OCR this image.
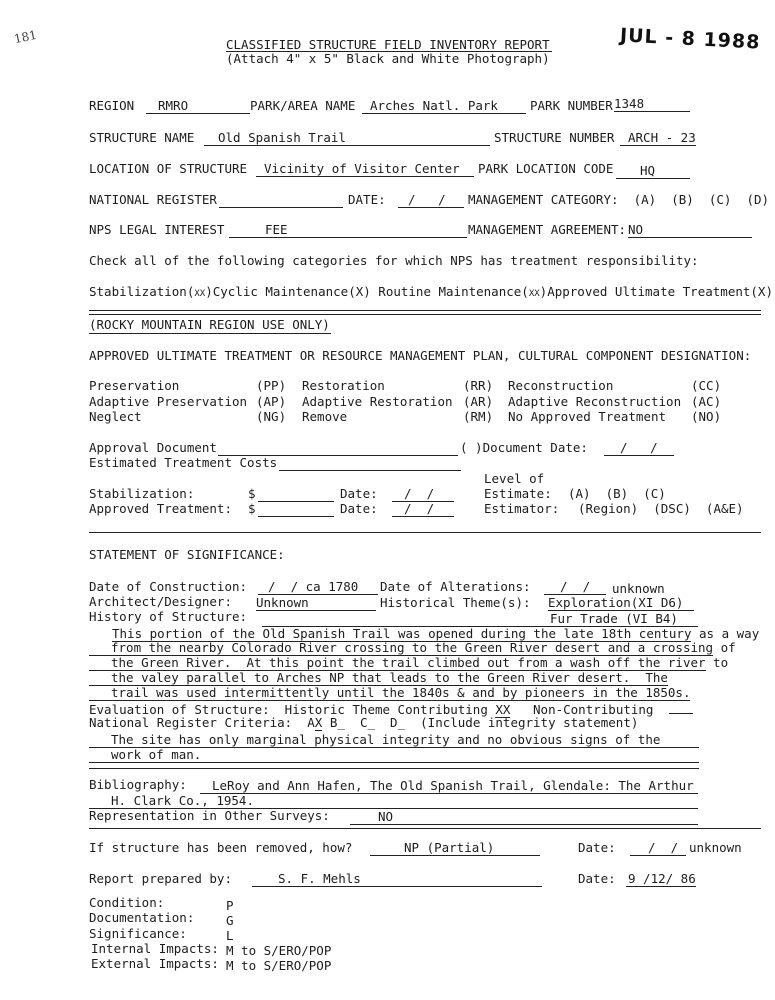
181	JUL - 8 1988
CLASSIFIED STRUCTURE FIELD INVENTORY REPORT
(Attach 4" x 5" Black and White Photograph)
REGION	RMRO	PARK/AREA NAME	Arches Natl. Park	PARK NUMBER 1348
STRUCTURE NAME	Old Spanish Trail	STRUCTURE NUMBER	ARCH - 23
LOCATION OF STRUCTURE	Vicinity of Visitor Center	PARK LOCATION CODE	HQ
NATIONAL REGISTER	DATE:	/   /	MANAGEMENT CATEGORY:  (A)  (B)  (C)  (D)
NPS LEGAL INTEREST	FEE	MANAGEMENT AGREEMENT: NO
Check all of the following categories for which NPS has treatment responsibility:
Stabilization(XX)Cyclic Maintenance(X) Routine Maintenance(XX)Approved Ultimate Treatment(X)
(ROCKY MOUNTAIN REGION USE ONLY)
APPROVED ULTIMATE TREATMENT OR RESOURCE MANAGEMENT PLAN, CULTURAL COMPONENT DESIGNATION:
Preservation	(PP) Restoration	(RR) Reconstruction	(CC)
Adaptive Preservation (AP) Adaptive Restoration (AR) Adaptive Reconstruction (AC)
Neglect	(NG) Remove	(RM) No Approved Treatment (NO)
Approval Document	( )Document Date:	/   /
Estimated Treatment Costs
Level of
Stabilization:	$	Date:	/  /	Estimate: (A)  (B)  (C)
Approved Treatment: $	Date:	/  /	Estimator: (Region)  (DSC)  (A&E)
STATEMENT OF SIGNIFICANCE:
Date of Construction:	/  / ca 1780	Date of Alterations:	/  /	unknown
Architect/Designer: Unknown	Historical Theme(s): Exploration(XI D6)
History of Structure:	Fur Trade (VI B4)
This portion of the Old Spanish Trail was opened during the late 18th century as a way
from the nearby Colorado River crossing to the Green River desert and a crossing of
the Green River.  At this point the trail climbed out from a wash off the river to
the valey parallel to Arches NP that leads to the Green River desert.  The
trail was used intermittently until the 1840s & and by pioneers in the 1850s.
Evaluation of Structure:  Historic Theme Contributing XX Non-Contributing
National Register Criteria:  AX B_  C_  D_  (Include integrity statement)
The site has only marginal physical integrity and no obvious signs of the
work of man.
Bibliography:	LeRoy and Ann Hafen, The Old Spanish Trail, Glendale: The Arthur
H. Clark Co., 1954.
Representation in Other Surveys:	NO
If structure has been removed, how?	NP (Partial)	Date:	/  / unknown
Report prepared by:	S. F. Mehls	Date: 9 /12/ 86
Condition:	P
Documentation:	G
Significance:	L
Internal Impacts: M to S/ERO/POP
External Impacts: M to S/ERO/POP
